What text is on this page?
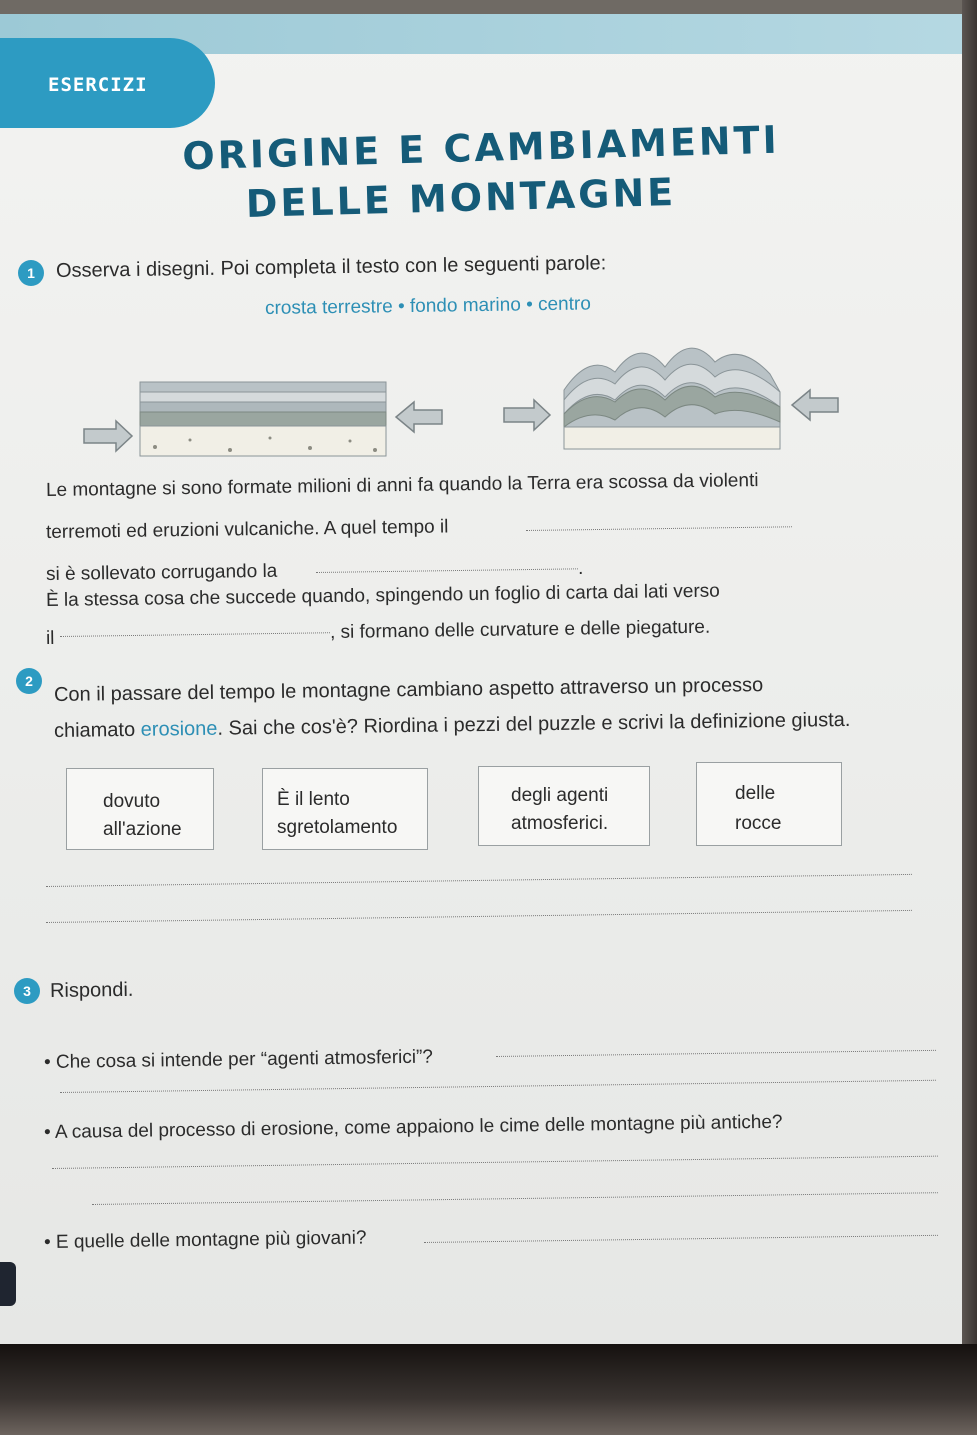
ESERCIZI
ORIGINE E CAMBIAMENTI
DELLE MONTAGNE
1	Osserva i disegni. Poi completa il testo con le seguenti parole:
crosta terrestre • fondo marino • centro
Le montagne si sono formate milioni di anni fa quando la Terra era scossa da violenti
terremoti ed eruzioni vulcaniche. A quel tempo il
si è sollevato corrugando la	.
È la stessa cosa che succede quando, spingendo un foglio di carta dai lati verso
il	, si formano delle curvature e delle piegature.
2	Con il passare del tempo le montagne cambiano aspetto attraverso un processo
chiamato erosione. Sai che cos'è? Riordina i pezzi del puzzle e scrivi la definizione giusta.
dovuto
all'azione
È il lento
sgretolamento
degli agenti
atmosferici.
delle
rocce
3 Rispondi.
• Che cosa si intende per “agenti atmosferici”?
• A causa del processo di erosione, come appaiono le cime delle montagne più antiche?
• E quelle delle montagne più giovani?
